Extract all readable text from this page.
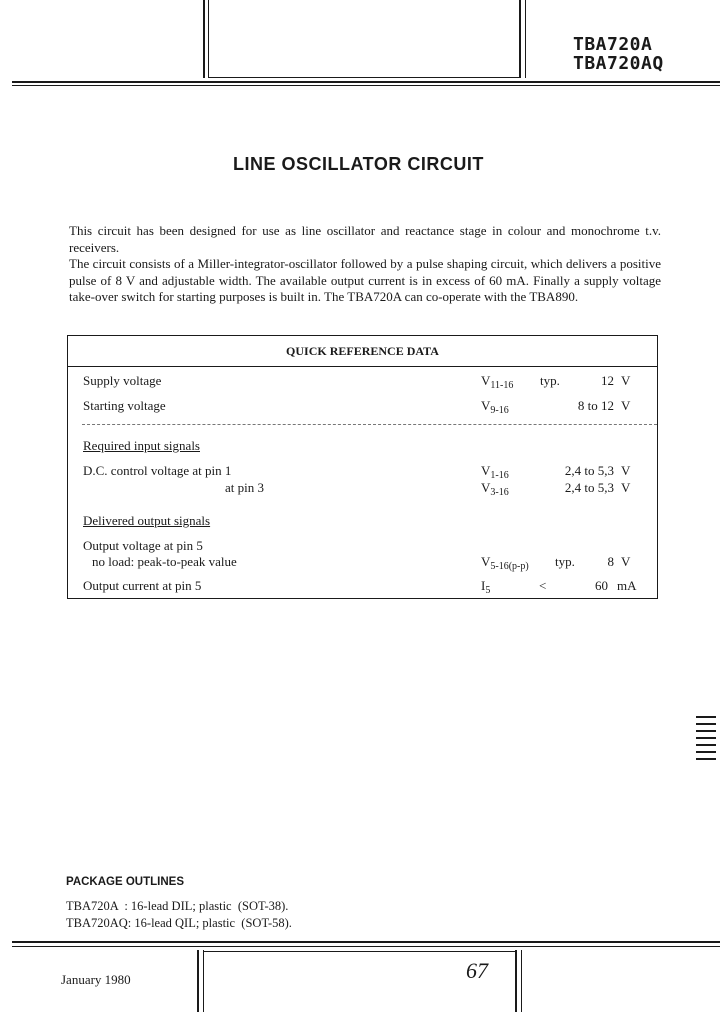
TBA720A
TBA720AQ
LINE OSCILLATOR CIRCUIT
This circuit has been designed for use as line oscillator and reactance stage in colour and monochrome t.v. receivers.
The circuit consists of a Miller-integrator-oscillator followed by a pulse shaping circuit, which delivers a positive pulse of 8 V and adjustable width. The available output current is in excess of 60 mA. Finally a supply voltage take-over switch for starting purposes is built in. The TBA720A can co-operate with the TBA890.
QUICK REFERENCE DATA
Supply voltage	$V_{11-16}$ typ.	12 V
Starting voltage	$V_{9-16}$	8 to 12 V
Required input signals
D.C. control voltage at pin 1	$V_{1-16}$	2,4 to 5,3 V
at pin 3	$V_{3-16}$	2,4 to 5,3 V
Delivered output signals
Output voltage at pin 5
no load: peak-to-peak value	$V_{5-16(p-p)}$ typ.	8 V
Output current at pin 5	$I_5$	<	60 mA
PACKAGE OUTLINES
TBA720A  : 16-lead DIL; plastic  (SOT-38).
TBA720AQ: 16-lead QIL; plastic  (SOT-58).
January 1980	67
